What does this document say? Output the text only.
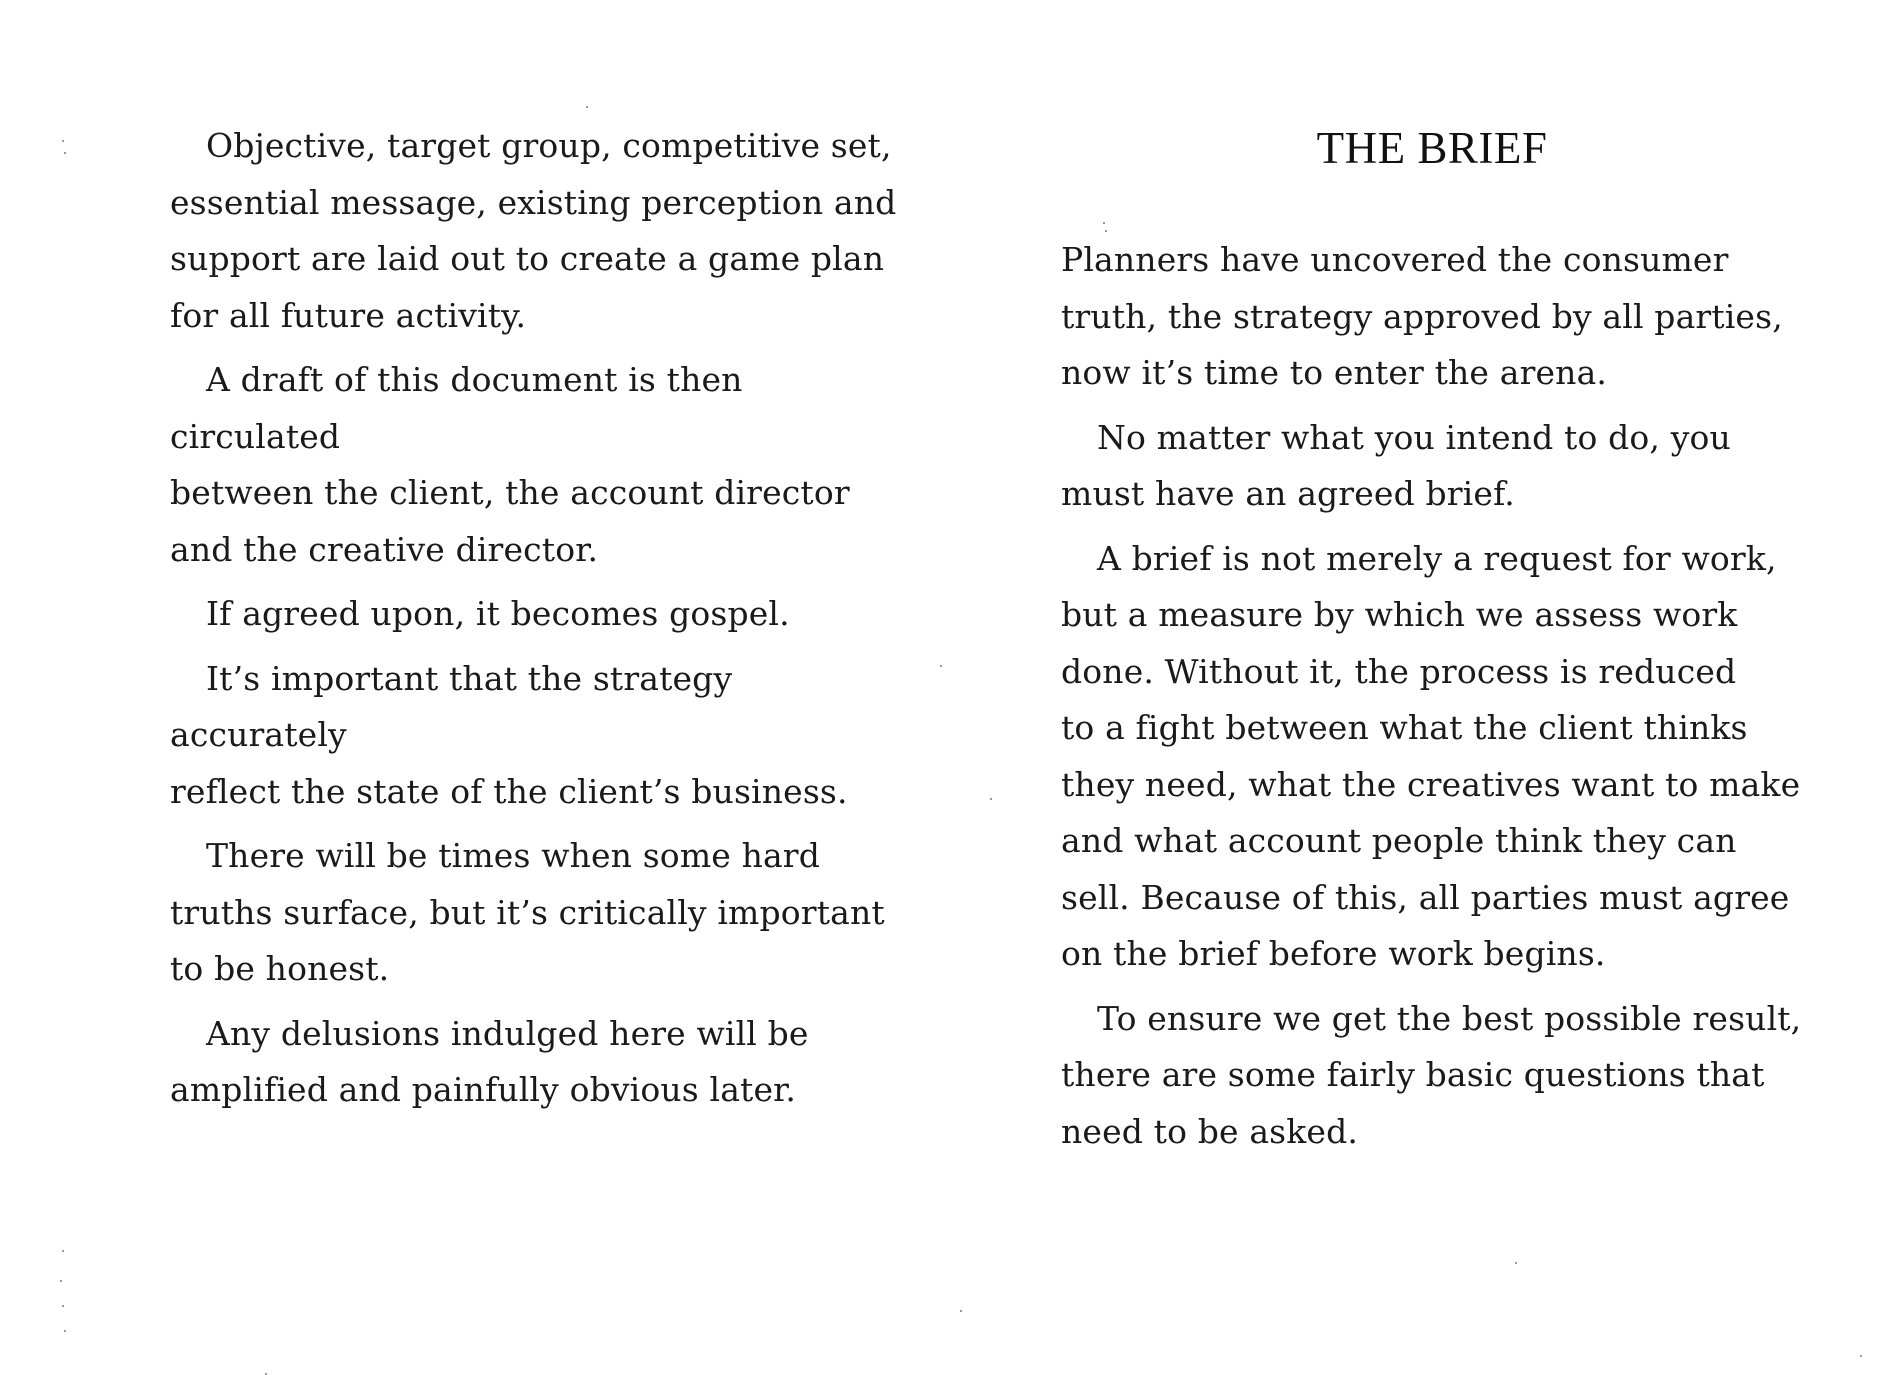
Objective, target group, competitive set,
essential message, existing perception and
support are laid out to create a game plan
for all future activity.

A draft of this document is then circulated
between the client, the account director
and the creative director.

If agreed upon, it becomes gospel.

It’s important that the strategy accurately
reflect the state of the client’s business.

There will be times when some hard
truths surface, but it’s critically important
to be honest.

Any delusions indulged here will be
amplified and painfully obvious later.

THE BRIEF

Planners have uncovered the consumer
truth, the strategy approved by all parties,
now it’s time to enter the arena.

No matter what you intend to do, you
must have an agreed brief.

A brief is not merely a request for work,
but a measure by which we assess work
done. Without it, the process is reduced
to a fight between what the client thinks
they need, what the creatives want to make
and what account people think they can
sell. Because of this, all parties must agree
on the brief before work begins.

To ensure we get the best possible result,
there are some fairly basic questions that
need to be asked.
